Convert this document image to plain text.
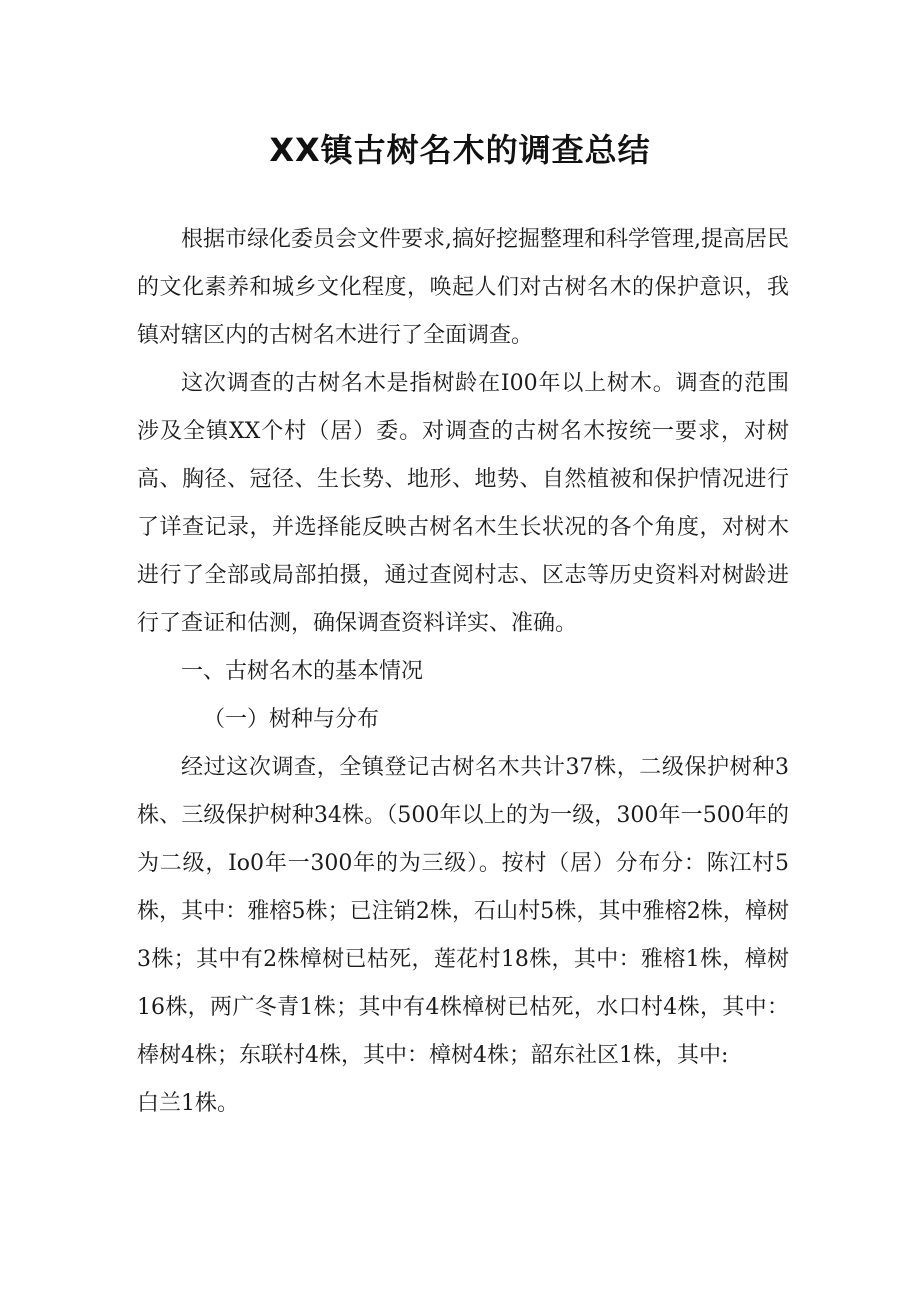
XX镇古树名木的调查总结

根据市绿化委员会文件要求,搞好挖掘整理和科学管理,提高居民的文化素养和城乡文化程度，唤起人们对古树名木的保护意识，我镇对辖区内的古树名木进行了全面调查。

这次调查的古树名木是指树龄在I00年以上树木。调查的范围涉及全镇XX个村（居）委。对调查的古树名木按统一要求，对树高、胸径、冠径、生长势、地形、地势、自然植被和保护情况进行了详查记录，并选择能反映古树名木生长状况的各个角度，对树木进行了全部或局部拍摄，通过查阅村志、区志等历史资料对树龄进行了查证和估测，确保调查资料详实、准确。

一、古树名木的基本情况

（一）树种与分布

经过这次调查，全镇登记古树名木共计37株，二级保护树种3株、三级保护树种34株。（500年以上的为一级，300年一500年的为二级，Io0年一300年的为三级）。按村（居）分布分：陈江村5株，其中：雅榕5株；已注销2株，石山村5株，其中雅榕2株，樟树3株；其中有2株樟树已枯死，莲花村18株，其中：雅榕1株，樟树16株，两广冬青1株；其中有4株樟树已枯死，水口村4株，其中：棒树4株；东联村4株，其中：樟树4株；韶东社区1株，其中:

白兰1株。
